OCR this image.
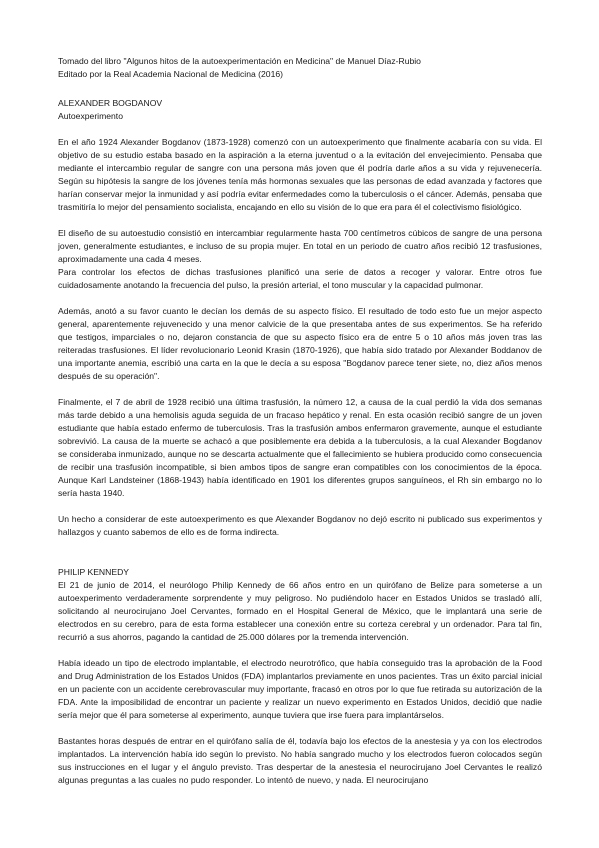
Tomado del libro "Algunos hitos de la autoexperimentación en Medicina" de Manuel Díaz-Rubio

Editado por la Real Academia Nacional de Medicina (2016)

ALEXANDER BOGDANOV

Autoexperimento

En el año 1924 Alexander Bogdanov (1873-1928) comenzó con un autoexperimento que finalmente acabaría con su vida. El objetivo de su estudio estaba basado en la aspiración a la eterna juventud o a la evitación del envejecimiento. Pensaba que mediante el intercambio regular de sangre con una persona más joven que él podría darle años a su vida y rejuvenecería. Según su hipótesis la sangre de los jóvenes tenía más hormonas sexuales que las personas de edad avanzada y factores que harían conservar mejor la inmunidad y así podría evitar enfermedades como la tuberculosis o el cáncer. Además, pensaba que trasmitiría lo mejor del pensamiento socialista, encajando en ello su visión de lo que era para él el colectivismo fisiológico.

El diseño de su autoestudio consistió en intercambiar regularmente hasta 700 centímetros cúbicos de sangre de una persona joven, generalmente estudiantes, e incluso de su propia mujer. En total en un periodo de cuatro años recibió 12 trasfusiones, aproximadamente una cada 4 meses.

Para controlar los efectos de dichas trasfusiones planificó una serie de datos a recoger y valorar. Entre otros fue cuidadosamente anotando la frecuencia del pulso, la presión arterial, el tono muscular y la capacidad pulmonar.

Además, anotó a su favor cuanto le decían los demás de su aspecto físico. El resultado de todo esto fue un mejor aspecto general, aparentemente rejuvenecido y una menor calvicie de la que presentaba antes de sus experimentos. Se ha referido que testigos, imparciales o no, dejaron constancia de que su aspecto físico era de entre 5 o 10 años más joven tras las reiteradas trasfusiones. El líder revolucionario Leonid Krasin (1870-1926), que había sido tratado por Alexander Boddanov de una importante anemia, escribió una carta en la que le decía a su esposa "Bogdanov parece tener siete, no, diez años menos después de su operación".

Finalmente, el 7 de abril de 1928 recibió una última trasfusión, la número 12, a causa de la cual perdió la vida dos semanas más tarde debido a una hemolisis aguda seguida de un fracaso hepático y renal. En esta ocasión recibió sangre de un joven estudiante que había estado enfermo de tuberculosis. Tras la trasfusión ambos enfermaron gravemente, aunque el estudiante sobrevivió. La causa de la muerte se achacó a que posiblemente era debida a la tuberculosis, a la cual Alexander Bogdanov se consideraba inmunizado, aunque no se descarta actualmente que el fallecimiento se hubiera producido como consecuencia de recibir una trasfusión incompatible, si bien ambos tipos de sangre eran compatibles con los conocimientos de la época. Aunque Karl Landsteiner (1868-1943) había identificado en 1901 los diferentes grupos sanguíneos, el Rh sin embargo no lo sería hasta 1940.

Un hecho a considerar de este autoexperimento es que Alexander Bogdanov no dejó escrito ni publicado sus experimentos y hallazgos y cuanto sabemos de ello es de forma indirecta.

PHILIP KENNEDY

El 21 de junio de 2014, el neurólogo Philip Kennedy de 66 años entro en un quirófano de Belize para someterse a un autoexperimento verdaderamente sorprendente y muy peligroso. No pudiéndolo hacer en Estados Unidos se trasladó allí, solicitando al neurocirujano Joel Cervantes, formado en el Hospital General de México, que le implantará una serie de electrodos en su cerebro, para de esta forma establecer una conexión entre su corteza cerebral y un ordenador. Para tal fin, recurrió a sus ahorros, pagando la cantidad de 25.000 dólares por la tremenda intervención.

Había ideado un tipo de electrodo implantable, el electrodo neurotrófico, que había conseguido tras la aprobación de la Food and Drug Administration de los Estados Unidos (FDA) implantarlos previamente en unos pacientes. Tras un éxito parcial inicial en un paciente con un accidente cerebrovascular muy importante, fracasó en otros por lo que fue retirada su autorización de la FDA. Ante la imposibilidad de encontrar un paciente y realizar un nuevo experimento en Estados Unidos, decidió que nadie sería mejor que él para someterse al experimento, aunque tuviera que irse fuera para implantárselos.

Bastantes horas después de entrar en el quirófano salía de él, todavía bajo los efectos de la anestesia y ya con los electrodos implantados. La intervención había ido según lo previsto. No había sangrado mucho y los electrodos fueron colocados según sus instrucciones en el lugar y el ángulo previsto. Tras despertar de la anestesia el neurocirujano Joel Cervantes le realizó algunas preguntas a las cuales no pudo responder. Lo intentó de nuevo, y nada. El neurocirujano
